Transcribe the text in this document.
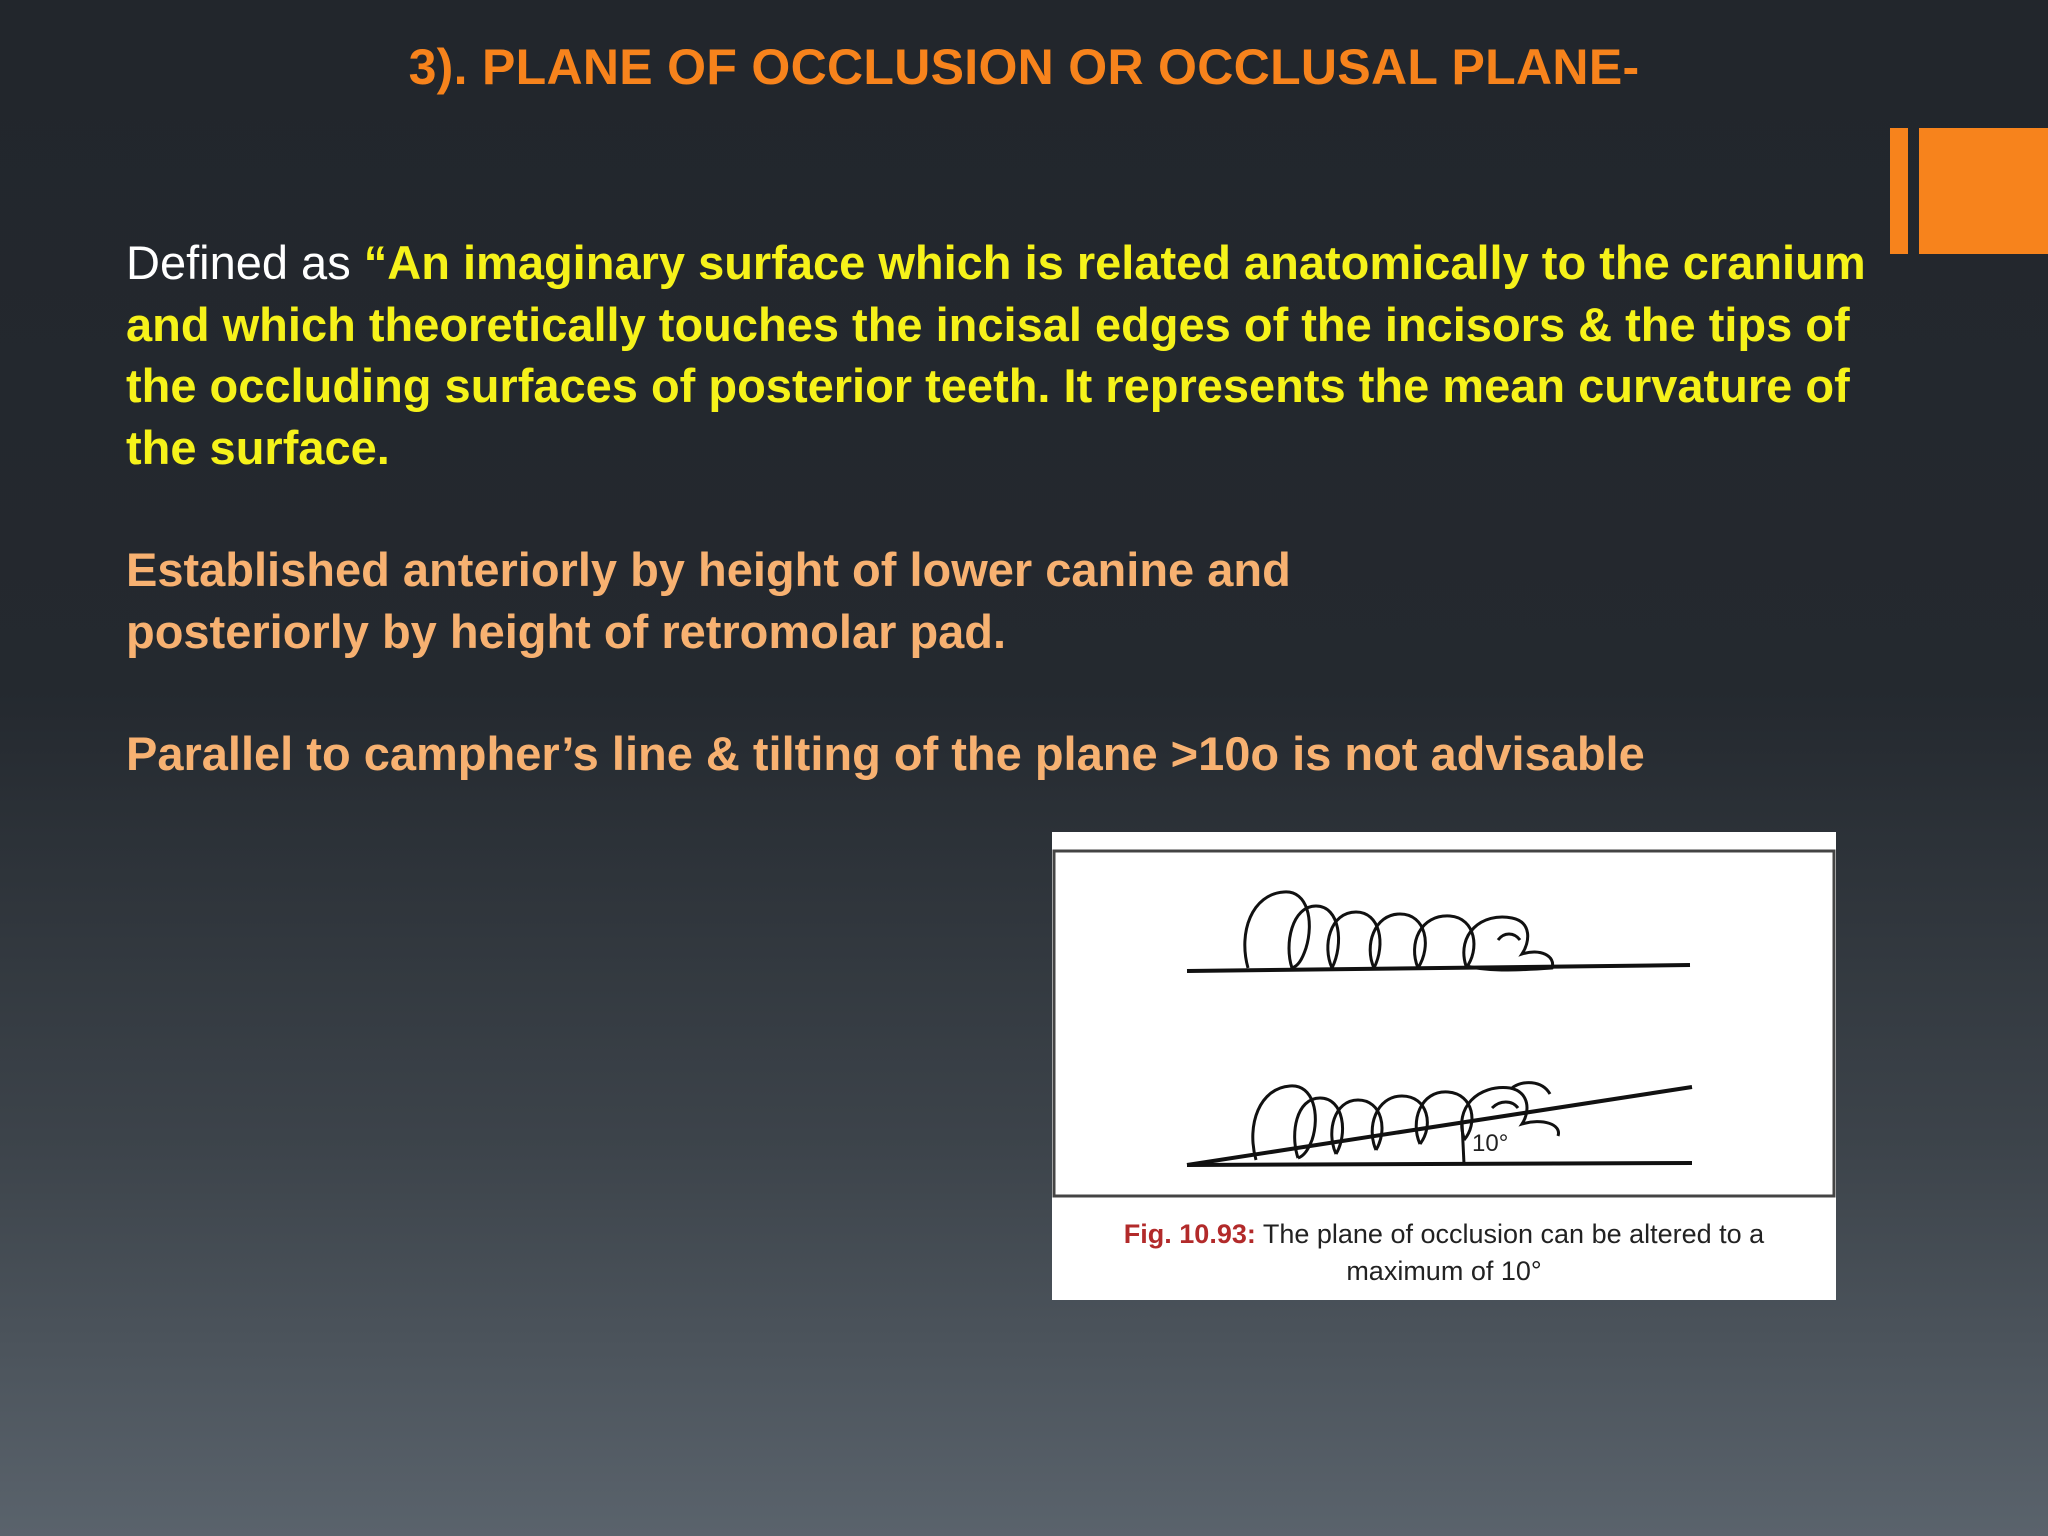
3). PLANE OF OCCLUSION OR OCCLUSAL PLANE-

Defined as “An imaginary surface which is related anatomically to the cranium and which theoretically touches the incisal edges of the incisors & the tips of the occluding surfaces of posterior teeth. It represents the mean curvature of the surface.

Established anteriorly by height of lower canine and

posteriorly by height of retromolar pad.

Parallel to campher’s line & tilting of the plane >10o is not advisable

10°
Fig. 10.93: The plane of occlusion can be altered to a maximum of 10°
